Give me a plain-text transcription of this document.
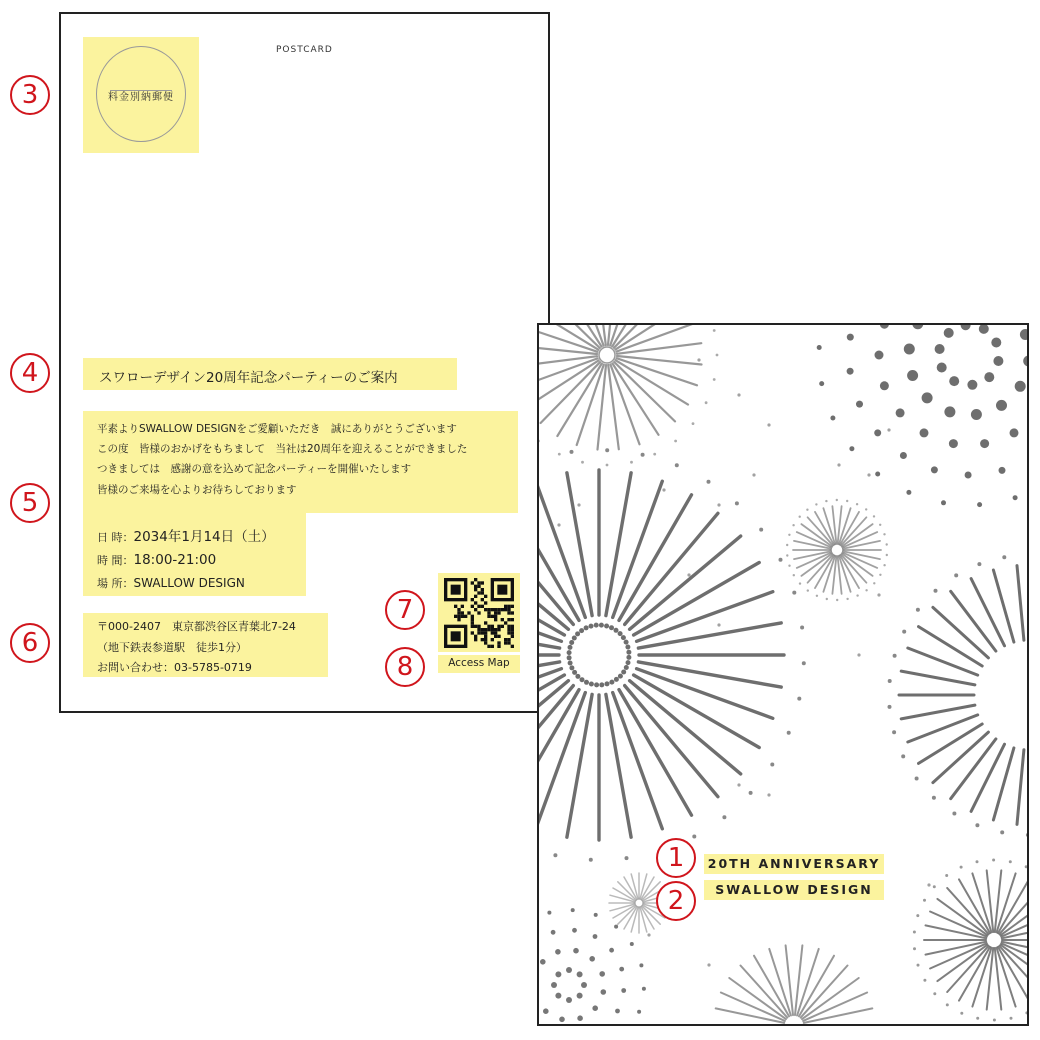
POSTCARD
料金別納郵便
スワローデザイン20周年記念パーティーのご案内
平素よりSWALLOW DESIGNをご愛顧いただき　誠にありがとうございます
この度　皆様のおかげをもちまして　当社は20周年を迎えることができました
つきましては　感謝の意を込めて記念パーティーを開催いたします
皆様のご来場を心よりお待ちしております
日 時：2034年1月14日（土）
時 間：18:00-21:00
場 所：SWALLOW DESIGN
〒000-2407　東京都渋谷区青葉北7-24
（地下鉄表参道駅　徒歩1分）
お問い合わせ：03-5785-0719	Access Map
20TH ANNIVERSARY
SWALLOW DESIGN
1
2
3
4
5
6
7
8
